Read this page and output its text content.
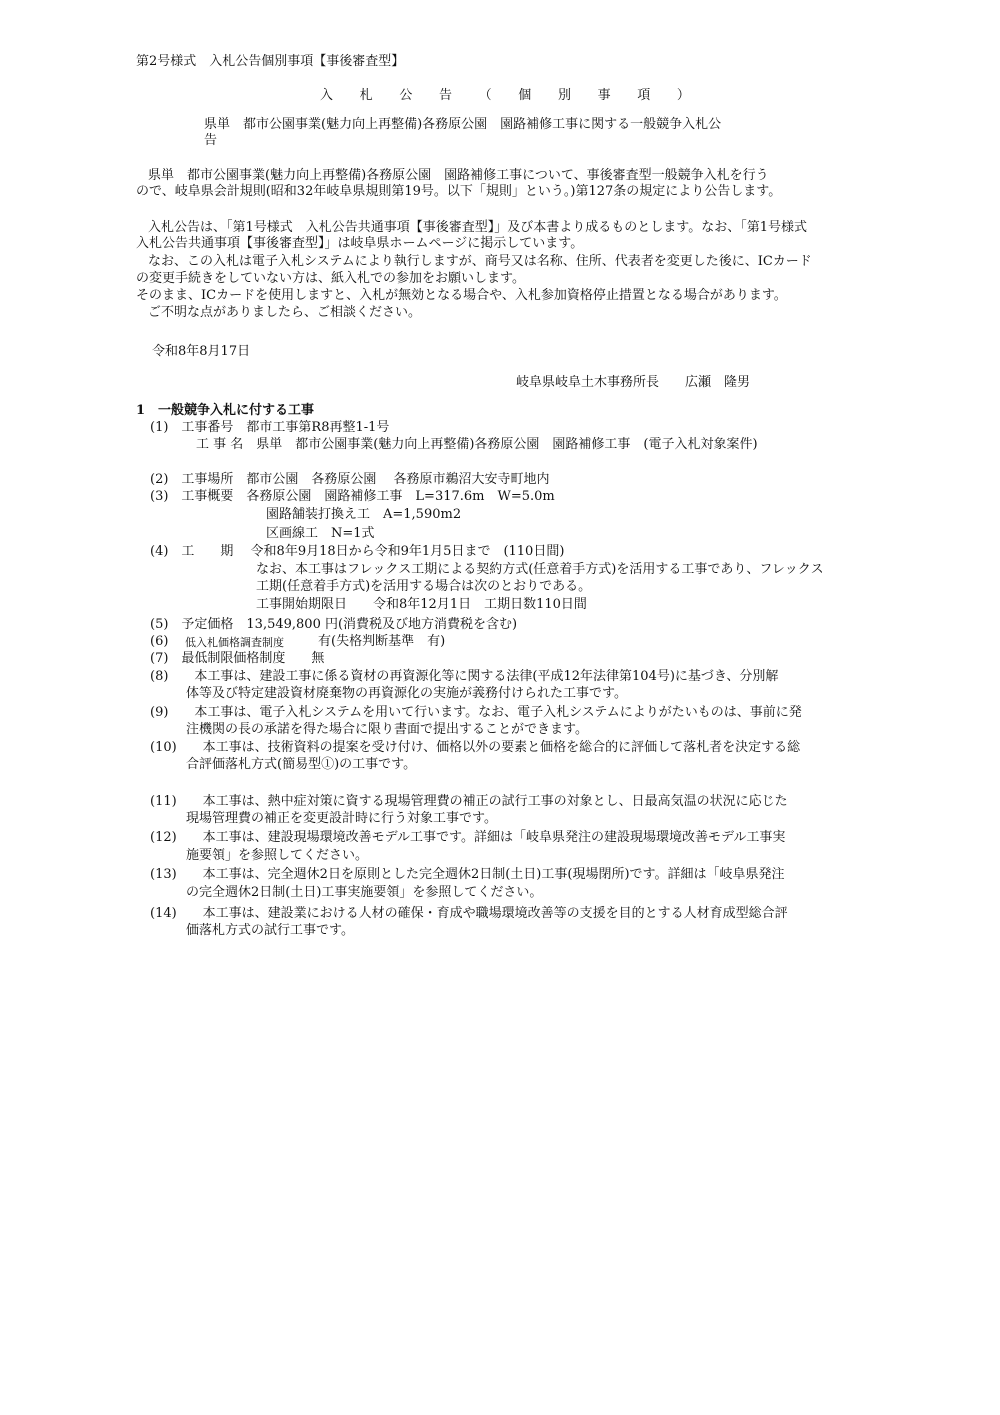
第2号様式　入札公告個別事項【事後審査型】
入 札 公 告 （ 個 別 事 項 ）
県単　都市公園事業(魅力向上再整備)各務原公園　園路補修工事に関する一般競争入札公
告
県単　都市公園事業(魅力向上再整備)各務原公園　園路補修工事について、事後審査型一般競争入札を行う
ので、岐阜県会計規則(昭和32年岐阜県規則第19号。以下「規則」という。)第127条の規定により公告します。
入札公告は、「第1号様式　入札公告共通事項【事後審査型】」及び本書より成るものとします。なお、「第1号様式
入札公告共通事項【事後審査型】」は岐阜県ホームページに掲示しています。
なお、この入札は電子入札システムにより執行しますが、商号又は名称、住所、代表者を変更した後に、ICカード
の変更手続きをしていない方は、紙入札での参加をお願いします。
そのまま、ICカードを使用しますと、入札が無効となる場合や、入札参加資格停止措置となる場合があります。
ご不明な点がありましたら、ご相談ください。
令和8年8月17日
岐阜県岐阜土木事務所長　　広瀬　隆男
1　一般競争入札に付する工事
(1)　工事番号　都市工事第R8再整1-1号
工 事 名　県単　都市公園事業(魅力向上再整備)各務原公園　園路補修工事　(電子入札対象案件)
(2)　工事場所　都市公園　各務原公園　 各務原市鵜沼大安寺町地内
(3)　工事概要　各務原公園　園路補修工事　L=317.6m　W=5.0m
園路舗装打換え工　A=1,590m2
区画線工　N=1式
(4)　工　　期　 令和8年9月18日から令和9年1月5日まで　(110日間)
なお、本工事はフレックス工期による契約方式(任意着手方式)を活用する工事であり、フレックス
工期(任意着手方式)を活用する場合は次のとおりである。
工事開始期限日　　令和8年12月1日　工期日数110日間
(5)　予定価格　13,549,800 円(消費税及び地方消費税を含む)
(6) 低入札価格調査制度	有(失格判断基準　有)
(7)　最低制限価格制度　　無
(8)　　本工事は、建設工事に係る資材の再資源化等に関する法律(平成12年法律第104号)に基づき、分別解
体等及び特定建設資材廃棄物の再資源化の実施が義務付けられた工事です。
(9)　　本工事は、電子入札システムを用いて行います。なお、電子入札システムによりがたいものは、事前に発
注機関の長の承諾を得た場合に限り書面で提出することができます。
(10)　　本工事は、技術資料の提案を受け付け、価格以外の要素と価格を総合的に評価して落札者を決定する総
合評価落札方式(簡易型①)の工事です。
(11)　　本工事は、熱中症対策に資する現場管理費の補正の試行工事の対象とし、日最高気温の状況に応じた
現場管理費の補正を変更設計時に行う対象工事です。
(12)　　本工事は、建設現場環境改善モデル工事です。詳細は「岐阜県発注の建設現場環境改善モデル工事実
施要領」を参照してください。
(13)　　本工事は、完全週休2日を原則とした完全週休2日制(土日)工事(現場閉所)です。詳細は「岐阜県発注
の完全週休2日制(土日)工事実施要領」を参照してください。
(14)　　本工事は、建設業における人材の確保・育成や職場環境改善等の支援を目的とする人材育成型総合評
価落札方式の試行工事です。
